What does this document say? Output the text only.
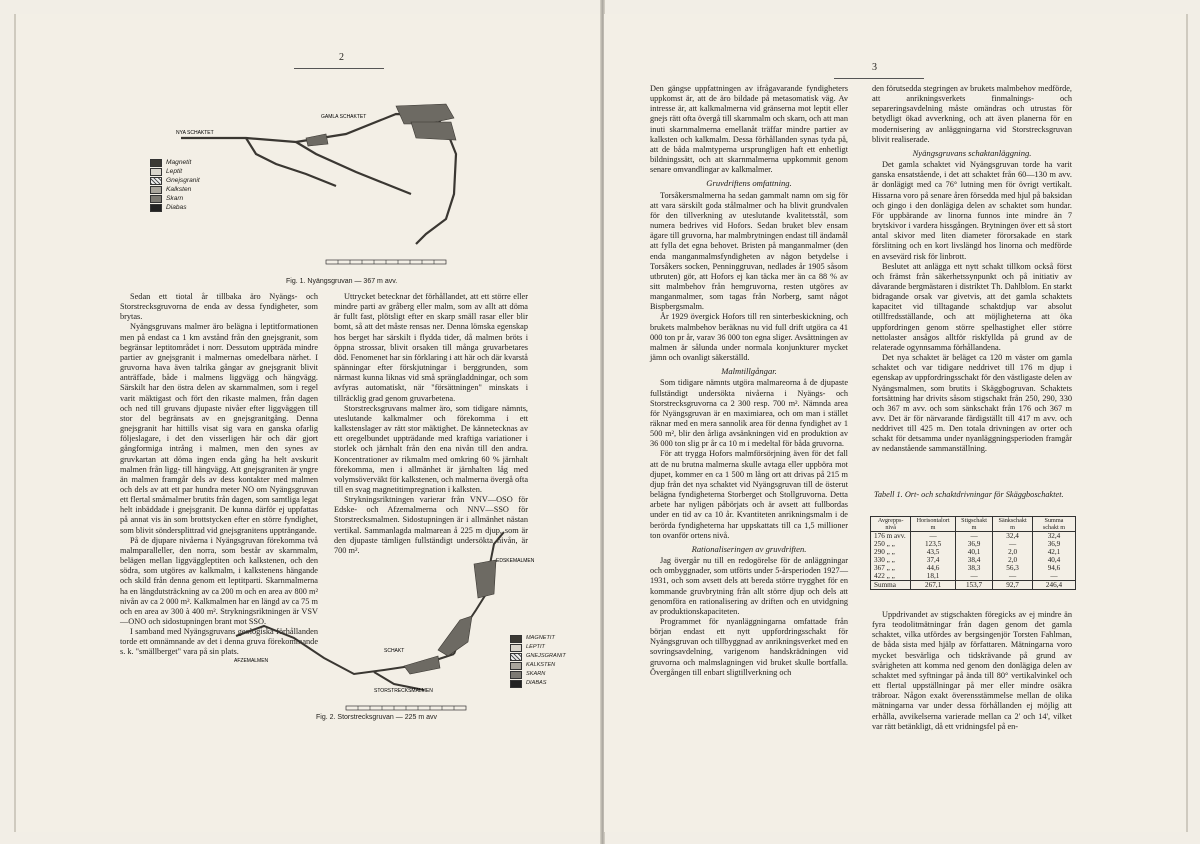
2
NYA SCHAKTET
GAMLA SCHAKTET
Magnetit
Leptit
Gnejsgranit
Kalksten
Skarn
Diabas
Fig. 1. Nyängsgruvan — 367 m avv.

Sedan ett tiotal år tillbaka äro Nyängs- och Storstrecksgruvorna de enda av dessa fyndigheter, som brytas.

Nyängsgruvans malmer äro belägna i leptitformationen men på endast ca 1 km avstånd från den gnejsgranit, som begränsar leptitområdet i norr. Dessutom uppträda mindre partier av gnejsgranit i malmernas omedelbara närhet. I gruvorna hava även talrika gångar av gnejsgranit blivit anträffade, både i malmens liggvägg och hängvägg. Särskilt har den östra delen av skarnmalmen, som i regel varit mäktigast och fört den rikaste malmen, från dagen och ned till gruvans djupaste nivåer efter liggväggen till stor del begränsats av en gnejsgranitgång. Denna gnejsgranit har hittills visat sig vara en ganska ofarlig följeslagare, i det den visserligen här och där gjort gångformiga intrång i malmen, men den synes av gruvkartan att döma ingen enda gång ha helt avskurit malmen från ligg- till hängvägg. Att gnejsgraniten är yngre än malmen framgår dels av dess kontakter med malmen och dels av att ett par hundra meter NO om Nyängsgruvan ett flertal småmalmer brutits från dagen, som samtliga legat helt inbäddade i gnejsgranit. De kunna därför ej uppfattas på annat vis än som brottstycken efter en större fyndighet, som blivit söndersplittrad vid gnejsgranitens uppträngande.

På de djupare nivåerna i Nyängsgruvan förekomma två malmparalleller, den norra, som består av skarnmalm, belägen mellan liggväggleptiten och kalkstenen, och den södra, som utgöres av kalkmalm, i kalkstenens hängande och skild från denna genom ett leptitparti. Skarnmalmerna ha en längdutsträckning av ca 200 m och en area av 800 m² nivån av ca 2 000 m². Kalkmalmen har en längd av ca 75 m och en area av 300 à 400 m². Strykningsriktningen är VSV—ONO och sidostupningen brant mot SSO.

I samband med Nyängsgruvans geologiska förhållanden torde ett omnämnande av det i denna gruva förekommande s. k. "smällberget" vara på sin plats.

Uttrycket betecknar det förhållandet, att ett större eller mindre parti av gråberg eller malm, som av allt att döma är fullt fast, plötsligt efter en skarp smäll rasar eller blir bomt, så att det måste rensas ner. Denna lömska egenskap hos berget har särskilt i flydda tider, då malmen bröts i öppna strossar, blivit orsaken till många gruvarbetares död. Fenomenet har sin förklaring i att här och där kvarstå spänningar efter förskjutningar i berggrunden, som närmast kunna liknas vid små sprängladdningar, och som avfyras automatiskt, när "försättningen" minskats i tillräcklig grad genom gruvarbetena.

Storstrecksgruvans malmer äro, som tidigare nämnts, uteslutande kalkmalmer och förekomma i ett kalkstenslager av rätt stor mäktighet. De kännetecknas av ett oregelbundet uppträdande med kraftiga variationer i storlek och järnhalt från den ena nivån till den andra. Koncentrationer av rikmalm med omkring 60 % järnhalt förekomma, men i allmänhet är järnhalten låg med volymsöverväkt för kalkstenen, och malmerna övergå ofta till en svag magnetitimpregnation i kalksten.

Strykningsriktningen varierar från VNV—OSO för Edske- och Afzemalmerna och NNV—SSO för Storstrecksmalmen. Sidostupningen är i allmänhet nästan vertikal. Sammanlagda malmarean å 225 m djup, som är den djupaste tämligen fullständigt undersökta nivån, är 700 m².

EDSKEMALMEN
AFZEMALMEN
SCHAKT
STORSTRECKSMALMEN
MAGNETIT
LEPTIT
GNEJSGRANIT
KALKSTEN
SKARN
DIABAS
Fig. 2. Storstrecksgruvan — 225 m avv
3

Den gängse uppfattningen av ifrågavarande fyndigheters uppkomst är, att de äro bildade på metasomatisk väg. Av intresse är, att kalkmalmerna vid gränserna mot leptit eller gnejs rätt ofta övergå till skarnmalm och skarn, och att man inuti skarnmalmerna emellanåt träffar mindre partier av kalksten och kalkmalm. Dessa förhållanden synas tyda på, att de båda malmtyperna ursprungligen haft ett enhetligt bildningssätt, och att skarnmalmerna uppkommit genom senare omvandlingar av kalkmalmer.

Gruvdriftens omfattning.

Torsåkersmalmerna ha sedan gammalt namn om sig för att vara särskilt goda stålmalmer och ha blivit grundvalen för den tillverkning av uteslutande kvalitetsstål, som numera bedrives vid Hofors. Sedan bruket blev ensam ägare till gruvorna, har malmbrytningen endast till ändamål att fylla det egna behovet. Bristen på manganmalmer (den enda manganmalmsfyndigheten av någon betydelse i Torsåkers socken, Penninggruvan, nedlades år 1905 såsom utbruten) gör, att Hofors ej kan täcka mer än ca 88 % av sitt malmbehov från hemgruvorna, resten utgöres av manganmalmer, som tagas från Norberg, samt något Bispbergsmalm.

År 1929 övergick Hofors till ren sinterbeskickning, och brukets malmbehov beräknas nu vid full drift utgöra ca 41 000 ton pr år, varav 36 000 ton egna sliger. Avsättningen av malmen är sålunda under normala konjunkturer mycket jämn och ovanligt säkerställd.

Malmtillgångar.

Som tidigare nämnts utgöra malmareorna å de djupaste fullständigt undersökta nivåerna i Nyängs- och Storstrecksgruvorna ca 2 300 resp. 700 m². Nämnda area för Nyängsgruvan är en maximiarea, och om man i stället räknar med en mera sannolik area för denna fyndighet av 1 500 m², blir den årliga avsänkningen vid en produktion av 36 000 ton slig pr år ca 10 m i medeltal för båda gruvorna.

För att trygga Hofors malmförsörjning även för det fall att de nu brutna malmerna skulle avtaga eller uppböra mot djupet, kommer en ca 1 500 m lång ort att drivas på 215 m djup från det nya schaktet vid Nyängsgruvan till de österut belägna fyndigheterna Storberget och Stollgruvorna. Detta arbete har nyligen påbörjats och är avsett att fullbordas under en tid av ca 10 år. Kvantiteten anrikningsmalm i de berörda fyndigheterna har uppskattats till ca 1,5 millioner ton ovanför ortens nivå.

Rationaliseringen av gruvdriften.

Jag övergår nu till en redogörelse för de anläggningar och ombyggnader, som utförts under 5-årsperioden 1927—1931, och som avsett dels att bereda större trygghet för en kommande gruvbrytning från allt större djup och dels att genomföra en rationalisering av driften och en utvidgning av produktionskapaciteten.

Programmet för nyanläggningarna omfattade från början endast ett nytt uppfordringsschakt för Nyängsgruvan och tillbyggnad av anrikningsverket med en sovringsavdelning, varigenom handskrädningen vid gruvorna och malmslagningen vid bruket skulle bortfalla. Övergången till enbart sligtillverkning och

den förutsedda stegringen av brukets malmbehov medförde, att anrikningsverkets finmalnings- och separeringsavdelning måste omändras och utrustas för betydligt ökad avverkning, och att även planerna för en modernisering av anläggningarna vid Storstrecksgruvan blivit realiserade.

Nyängsgruvans schaktanläggning.

Det gamla schaktet vid Nyängsgruvan torde ha varit ganska ensatstående, i det att schaktet från 60—130 m avv. är donlägigt med ca 76° lutning men för övrigt vertikalt. Hissarna voro på senare åren försedda med hjul på baksidan och gingo i den donlägiga delen av schaktet som hundar. För uppbärande av linorna funnos inte mindre än 7 brytskivor i vardera hissgången. Brytningen över ett så stort antal skivor med liten diameter förorsakade en stark förslitning och en kort livslängd hos linorna och medförde en avsevärd risk för linbrott.

Beslutet att anlägga ett nytt schakt tillkom också först och främst från säkerhetssynpunkt och på initiativ av dåvarande bergmästaren i distriktet Th. Dahlblom. En starkt bidragande orsak var givetvis, att det gamla schaktets kapacitet vid tilltagande schaktdjup var absolut otillfredsställande, och att möjligheterna att öka uppfordringen genom större spelhastighet eller större nettolaster ansågos alltför riskfyllda på grund av de relaterade ogynnsamma förhållandena.

Det nya schaktet är beläget ca 120 m väster om gamla schaktet och var tidigare neddrivet till 176 m djup i egenskap av uppfordringsschakt för den västligaste delen av Nyängsmalmen, som brutits i Skäggbogruvan. Schaktets fortsättning har drivits såsom stigschakt från 250, 290, 330 och 367 m avv. och som sänkschakt från 176 och 367 m avv. Det är för närvarande färdigställt till 417 m avv. och neddrivet till 425 m. Den totala drivningen av orter och schakt för detsamma under nyanläggningsperioden framgår av nedanstående sammanställning.

Tabell 1. Ort- och schaktdrivningar för Skäggboschaktet.
Avgrepps-nivå	Horisontalort m	Stigschakt m	Sänkschakt m	Summa schakt m
176 m avv.	—	—	32,4	32,4
250 „ „	123,5	36,9	—	36,9
290 „ „	43,5	40,1	2,0	42,1
330 „ „	37,4	38,4	2,0	40,4
367 „ „	44,6	38,3	56,3	94,6
422 „ „	18,1	—	—	—
Summa	267,1	153,7	92,7	246,4

Uppdrivandet av stigschakten föregicks av ej mindre än fyra teodolitmätningar från dagen genom det gamla schaktet, vilka utfördes av bergsingenjör Torsten Fahlman, de båda sista med hjälp av författaren. Mätningarna voro mycket besvärliga och tidskrävande på grund av svårigheten att komma ned genom den donlägiga delen av schaktet med syftningar på ända till 80° vertikalvinkel och ett flertal uppställningar på mer eller mindre osäkra träbroar. Någon exakt överensstämmelse mellan de olika mätningarna var under dessa förhållanden ej möjlig att erhålla, avvikelserna varierade mellan ca 2' och 14', vilket var rätt betänkligt, då ett vridningsfel på en-
